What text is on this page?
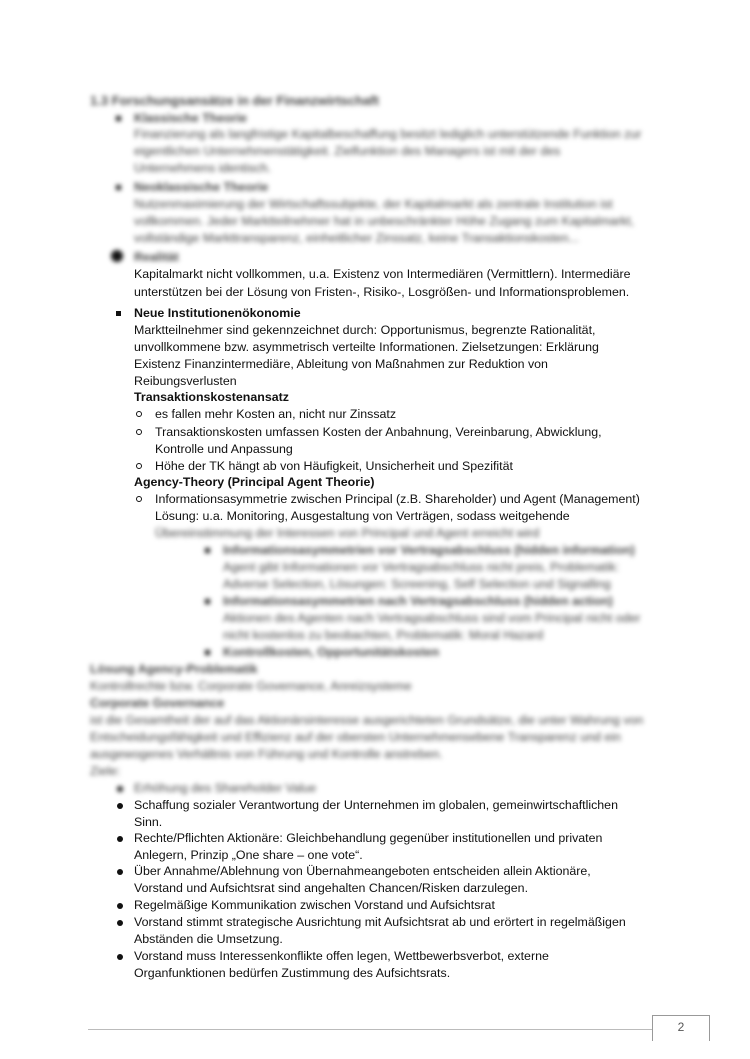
1.3 Forschungsansätze in der Finanzwirtschaft
Klassische Theorie
Finanzierung als langfristige Kapitalbeschaffung besitzt lediglich unterstützende Funktion zur
eigentlichen Unternehmenstätigkeit. Zielfunktion des Managers ist mit der des
Unternehmens identisch.
Neoklassische Theorie
Nutzenmaximierung der Wirtschaftssubjekte, der Kapitalmarkt als zentrale Institution ist
vollkommen. Jeder Marktteilnehmer hat in unbeschränkter Höhe Zugang zum Kapitalmarkt,
vollständige Markttransparenz, einheitlicher Zinssatz, keine Transaktionskosten...
Realität
Kapitalmarkt nicht vollkommen, u.a. Existenz von Intermediären (Vermittlern). Intermediäre
unterstützen bei der Lösung von Fristen-, Risiko-, Losgrößen- und Informationsproblemen.
Neue Institutionenökonomie
Marktteilnehmer sind gekennzeichnet durch: Opportunismus, begrenzte Rationalität,
unvollkommene bzw. asymmetrisch verteilte Informationen. Zielsetzungen: Erklärung
Existenz Finanzintermediäre, Ableitung von Maßnahmen zur Reduktion von
Reibungsverlusten
Transaktionskostenansatz
es fallen mehr Kosten an, nicht nur Zinssatz
Transaktionskosten umfassen Kosten der Anbahnung, Vereinbarung, Abwicklung,
Kontrolle und Anpassung
Höhe der TK hängt ab von Häufigkeit, Unsicherheit und Spezifität
Agency-Theory (Principal Agent Theorie)
Informationsasymmetrie zwischen Principal (z.B. Shareholder) und Agent (Management)
Lösung: u.a. Monitoring, Ausgestaltung von Verträgen, sodass weitgehende
Übereinstimmung der Interessen von Principal und Agent erreicht wird
Informationsasymmetrien vor Vertragsabschluss (hidden information)
Agent gibt Informationen vor Vertragsabschluss nicht preis, Problematik:
Adverse Selection, Lösungen: Screening, Self Selection und Signalling
Informationsasymmetrien nach Vertragsabschluss (hidden action)
Aktionen des Agenten nach Vertragsabschluss sind vom Principal nicht oder
nicht kostenlos zu beobachten, Problematik: Moral Hazard
Kontrollkosten, Opportunitätskosten
Lösung Agency-Problematik
Kontrollrechte bzw. Corporate Governance, Anreizsysteme
Corporate Governance
ist die Gesamtheit der auf das Aktionärsinteresse ausgerichteten Grundsätze, die unter Wahrung von
Entscheidungsfähigkeit und Effizienz auf der obersten Unternehmensebene Transparenz und ein
ausgewogenes Verhältnis von Führung und Kontrolle anstreben.
Ziele:
Erhöhung des Shareholder Value
Schaffung sozialer Verantwortung der Unternehmen im globalen, gemeinwirtschaftlichen
Sinn.
Rechte/Pflichten Aktionäre: Gleichbehandlung gegenüber institutionellen und privaten
Anlegern, Prinzip „One share – one vote“.
Über Annahme/Ablehnung von Übernahmeangeboten entscheiden allein Aktionäre,
Vorstand und Aufsichtsrat sind angehalten Chancen/Risken darzulegen.
Regelmäßige Kommunikation zwischen Vorstand und Aufsichtsrat
Vorstand stimmt strategische Ausrichtung mit Aufsichtsrat ab und erörtert in regelmäßigen
Abständen die Umsetzung.
Vorstand muss Interessenkonflikte offen legen, Wettbewerbsverbot, externe
Organfunktionen bedürfen Zustimmung des Aufsichtsrats.
2
